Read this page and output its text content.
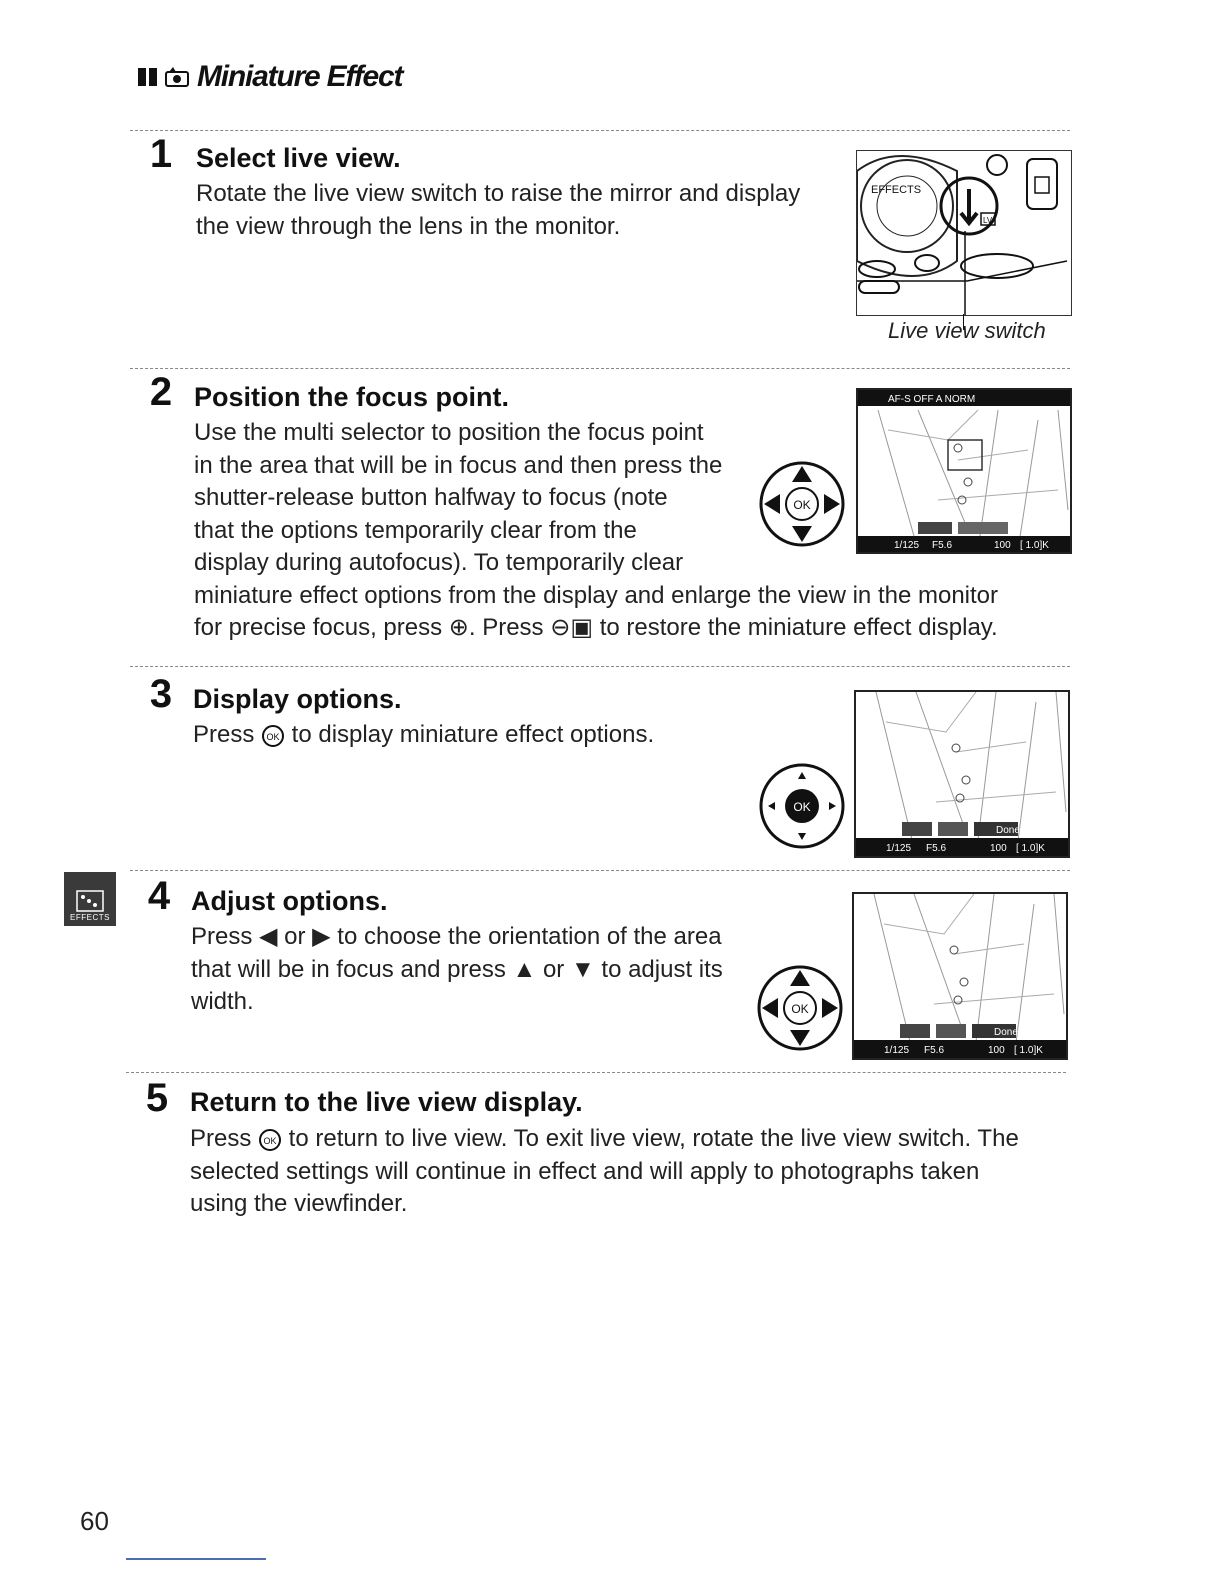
Miniature Effect
1 Select live view.
Rotate the live view switch to raise the mirror and display
the view through the lens in the monitor.
EFFECTS
LV
Live view switch
2 Position the focus point.
Use the multi selector to position the focus point
in the area that will be in focus and then press the
shutter-release button halfway to focus (note
that the options temporarily clear from the
display during autofocus). To temporarily clear
miniature effect options from the display and enlarge the view in the monitor
for precise focus, press ⊕. Press ⊖▣ to restore the miniature effect display.
OK
AF-S OFF A NORM
1/125 F5.6	100 [ 1.0]K
3 Display options.
Press OK to display miniature effect options.
OK
Done
1/125 F5.6	100 [ 1.0]K
EFFECTS 4 Adjust options.
Press ◀ or ▶ to choose the orientation of the area
that will be in focus and press ▲ or ▼ to adjust its
width.	OK
Done
1/125 F5.6	100 [ 1.0]K
5 Return to the live view display.
Press OK to return to live view. To exit live view, rotate the live view switch. The
selected settings will continue in effect and will apply to photographs taken
using the viewfinder.
60
